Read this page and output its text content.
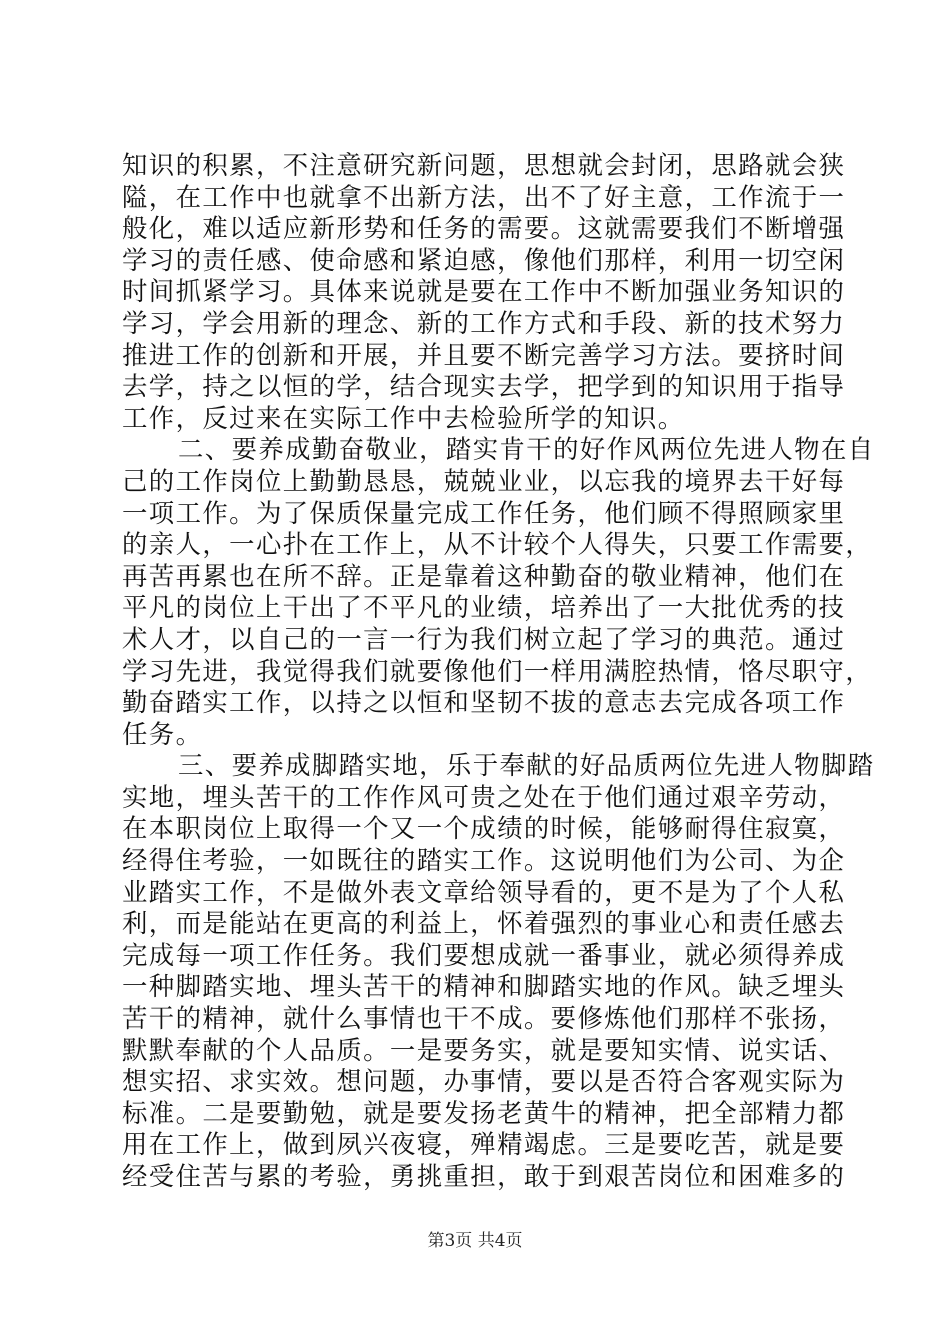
知识的积累，不注意研究新问题，思想就会封闭，思路就会狭
隘，在工作中也就拿不出新方法，出不了好主意，工作流于一
般化，难以适应新形势和任务的需要。这就需要我们不断增强
学习的责任感、使命感和紧迫感，像他们那样，利用一切空闲
时间抓紧学习。具体来说就是要在工作中不断加强业务知识的
学习，学会用新的理念、新的工作方式和手段、新的技术努力
推进工作的创新和开展，并且要不断完善学习方法。要挤时间
去学，持之以恒的学，结合现实去学，把学到的知识用于指导
工作，反过来在实际工作中去检验所学的知识。
二、要养成勤奋敬业，踏实肯干的好作风两位先进人物在自
己的工作岗位上勤勤恳恳，兢兢业业，以忘我的境界去干好每
一项工作。为了保质保量完成工作任务，他们顾不得照顾家里
的亲人，一心扑在工作上，从不计较个人得失，只要工作需要，
再苦再累也在所不辞。正是靠着这种勤奋的敬业精神，他们在
平凡的岗位上干出了不平凡的业绩，培养出了一大批优秀的技
术人才，以自己的一言一行为我们树立起了学习的典范。通过
学习先进，我觉得我们就要像他们一样用满腔热情，恪尽职守，
勤奋踏实工作，以持之以恒和坚韧不拔的意志去完成各项工作
任务。
三、要养成脚踏实地，乐于奉献的好品质两位先进人物脚踏
实地，埋头苦干的工作作风可贵之处在于他们通过艰辛劳动，
在本职岗位上取得一个又一个成绩的时候，能够耐得住寂寞，
经得住考验，一如既往的踏实工作。这说明他们为公司、为企
业踏实工作，不是做外表文章给领导看的，更不是为了个人私
利，而是能站在更高的利益上，怀着强烈的事业心和责任感去
完成每一项工作任务。我们要想成就一番事业，就必须得养成
一种脚踏实地、埋头苦干的精神和脚踏实地的作风。缺乏埋头
苦干的精神，就什么事情也干不成。要修炼他们那样不张扬，
默默奉献的个人品质。一是要务实，就是要知实情、说实话、
想实招、求实效。想问题，办事情，要以是否符合客观实际为
标准。二是要勤勉，就是要发扬老黄牛的精神，把全部精力都
用在工作上，做到夙兴夜寝，殚精竭虑。三是要吃苦，就是要
经受住苦与累的考验，勇挑重担，敢于到艰苦岗位和困难多的
第3页 共4页
